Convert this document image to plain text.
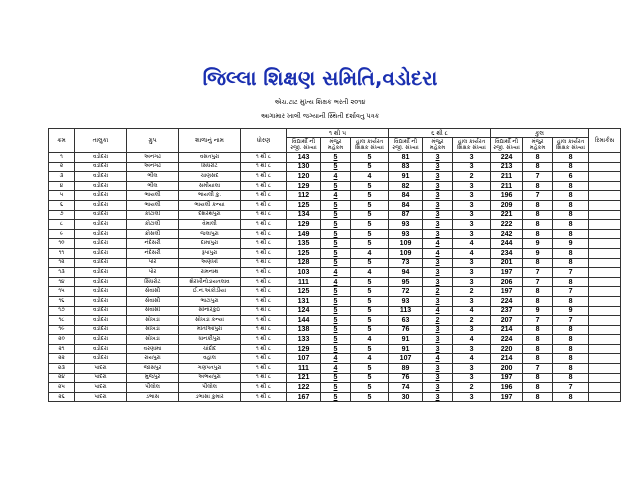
જિલ્લા શિક્ષણ સમિતિ,વડોદરા
એચ.ટાટ મુખ્ય શિક્ષક ભરતી ૨૦૧૪
આગામાર ખાલી જગ્યાની સ્થિતી દર્શાવતુ પત્રક
ક્રમ	તાલુકા	ગ્રુપ	શાળાનું નામ	ધોરણ	૧ થી ૫			૬ થી ૮			કુલ			રિમાર્કસ
					વિદ્યાર્થી ની રજી. સંખ્યા	મંજુર મહેકમ	હાલ કાર્યરત શિક્ષક સંખ્યા	વિદ્યાર્થી ની રજી. સંખ્યા	મંજુર મહેકમ	હાલ કાર્યરત શિક્ષક સંખ્યા	વિદ્યાર્થી ની રજી. સંખ્યા	મંજુર મહેકમ	હાલ કાર્યરત શિક્ષક સંખ્યા	
૧	વડોદરા	અનગઢ	વસતપુરા	૧ થી ૮	143	5	5	81	3	3	224	8	8	
૨	વડોદરા	અનગઢ	સિંધરોટ	૧ થી ૮	130	5	5	83	3	3	213	8	8	
૩	વડોદરા	ભીલ	ચાણસદ	૧ થી ૮	120	4	4	91	3	2	211	7	6	
૪	વડોદરા	ભીલ	સમીયાલા	૧ થી ૮	129	5	5	82	3	3	211	8	8	
૫	વડોદરા	ભાયલી	ભાયલી કુ.	૧ થી ૮	112	4	5	84	3	3	196	7	8	
૬	વડોદરા	ભાયલી	ભાયલી કન્યા	૧ થી ૮	125	5	5	84	3	3	209	8	8	
૭	વડોદરા	કોટાલી	દશરથપુરા	૧ થી ૮	134	5	5	87	3	3	221	8	8	
૮	વડોદરા	કોટાલી	વેમાલી	૧ થી ૮	129	5	5	93	3	3	222	8	8	
૯	વડોદરા	ક્રોસલી	જલાપુરા	૧ થી ૮	149	5	5	93	3	3	242	8	8	
૧૦	વડોદરા	નંદેસરી	દામાપુરા	૧ થી ૮	135	5	5	109	4	4	244	9	9	
૧૧	વડોદરા	નંદેસરી	રૂપાપુરા	૧ થી ૮	125	5	4	109	4	4	234	9	8	
૧૨	વડોદરા	પોર	અણખી	૧ થી ૮	128	5	5	73	3	3	201	8	8	
૧૩	વડોદરા	પોર	રામનાથ	૧ થી ૮	103	4	4	94	3	3	197	7	7	
૧૪	વડોદરા	સિંધરોટ	શેરખીનોડાયતલાવ	૧ થી ૮	111	4	5	95	3	3	206	7	8	
૧૫	વડોદરા	સેવાસી	ઈ.ન.અંકોડીયા	૧ થી ૮	125	5	5	72	2	2	197	8	7	
૧૬	વડોદરા	સેવાસી	ભાટાપુરા	૧ થી ૮	131	5	5	93	3	3	224	8	8	
૧૭	વડોદરા	સેવાસી	સોનારકુઈ	૧ થી ૮	124	5	5	113	4	4	237	9	9	
૧૮	વડોદરા	સોખડા	સોખડા કન્યા	૧ થી ૮	144	5	5	63	2	2	207	7	7	
૧૯	વડોદરા	સોખડા	મોતીઆપુરા	૧ થી ૮	138	5	5	76	3	3	214	8	8	
૨૦	વડોદરા	સોખડા	ધાનકીપુરા	૧ થી ૮	133	5	4	91	3	4	224	8	8	
૨૧	વડોદરા	વરણામા	ચાંદોદ	૧ થી ૮	129	5	5	91	3	3	220	8	8	
૨૨	વડોદરા	રાયપુરા	વહાલ	૧ થી ૮	107	4	4	107	4	4	214	8	8	
૨૩	પાદરા	જાસપુર	ગણપતપુરા	૧ થી ૮	111	4	5	89	3	3	200	7	8	
૨૪	પાદરા	મુજપુર	અભયપુરા	૧ થી ૮	121	5	5	76	3	3	197	8	8	
૨૫	પાદરા	પીલોલ	પીલોલ	૧ થી ૮	122	5	5	74	3	2	196	8	7	
૨૬	પાદરા	ડભાસ	ડભાસા કુમાર	૧ થી ૮	167	5	5	30	3	3	197	8	8	
